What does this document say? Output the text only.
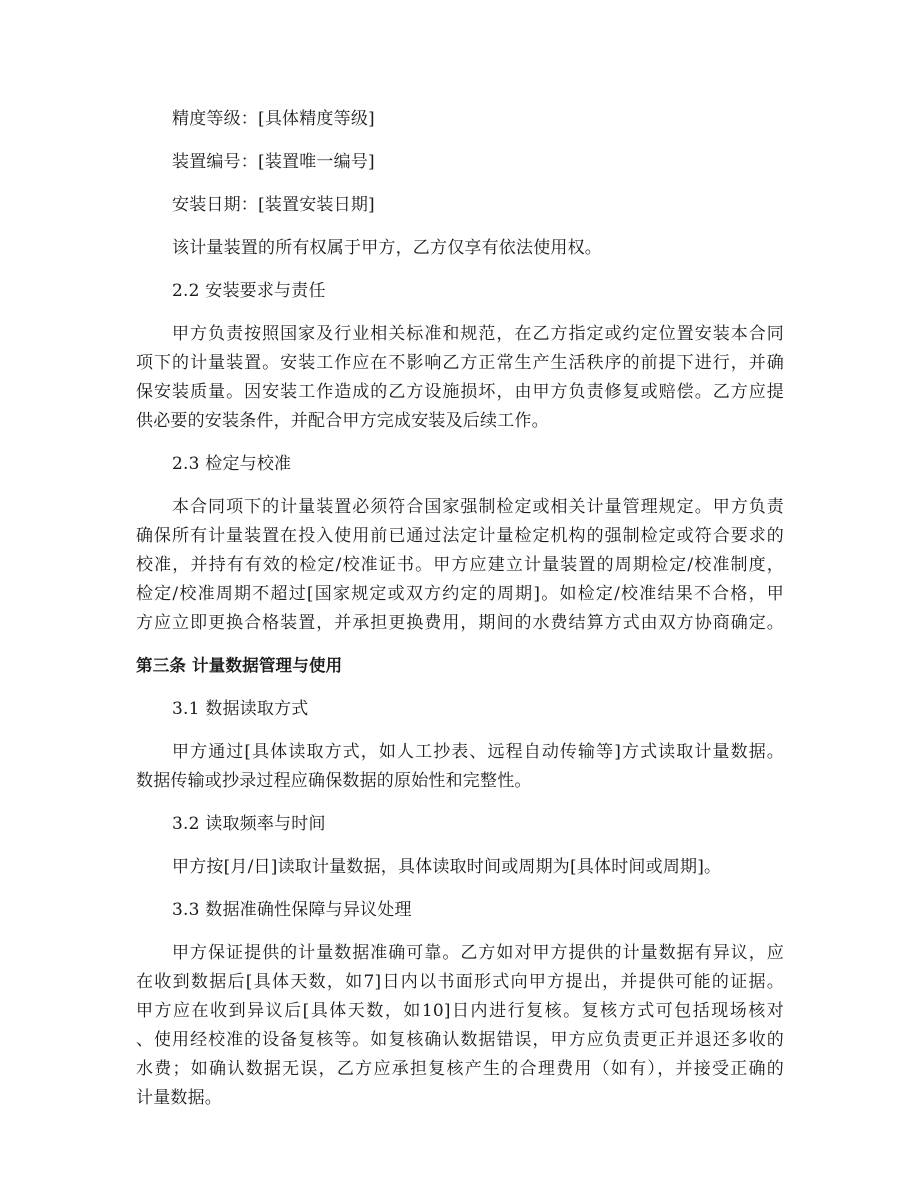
精度等级：[具体精度等级]
装置编号：[装置唯一编号]
安装日期：[装置安装日期]
该计量装置的所有权属于甲方，乙方仅享有依法使用权。
2.2 安装要求与责任
甲方负责按照国家及行业相关标准和规范，在乙方指定或约定位置安装本合同
项下的计量装置。安装工作应在不影响乙方正常生产生活秩序的前提下进行，并确
保安装质量。因安装工作造成的乙方设施损坏，由甲方负责修复或赔偿。乙方应提
供必要的安装条件，并配合甲方完成安装及后续工作。
2.3 检定与校准
本合同项下的计量装置必须符合国家强制检定或相关计量管理规定。甲方负责
确保所有计量装置在投入使用前已通过法定计量检定机构的强制检定或符合要求的
校准，并持有有效的检定/校准证书。甲方应建立计量装置的周期检定/校准制度，
检定/校准周期不超过[国家规定或双方约定的周期]。如检定/校准结果不合格，甲
方应立即更换合格装置，并承担更换费用，期间的水费结算方式由双方协商确定。
第三条 计量数据管理与使用
3.1 数据读取方式
甲方通过[具体读取方式，如人工抄表、远程自动传输等]方式读取计量数据。
数据传输或抄录过程应确保数据的原始性和完整性。
3.2 读取频率与时间
甲方按[月/日]读取计量数据，具体读取时间或周期为[具体时间或周期]。
3.3 数据准确性保障与异议处理
甲方保证提供的计量数据准确可靠。乙方如对甲方提供的计量数据有异议，应
在收到数据后[具体天数，如7]日内以书面形式向甲方提出，并提供可能的证据。
甲方应在收到异议后[具体天数，如10]日内进行复核。复核方式可包括现场核对
、使用经校准的设备复核等。如复核确认数据错误，甲方应负责更正并退还多收的
水费；如确认数据无误，乙方应承担复核产生的合理费用（如有），并接受正确的
计量数据。
